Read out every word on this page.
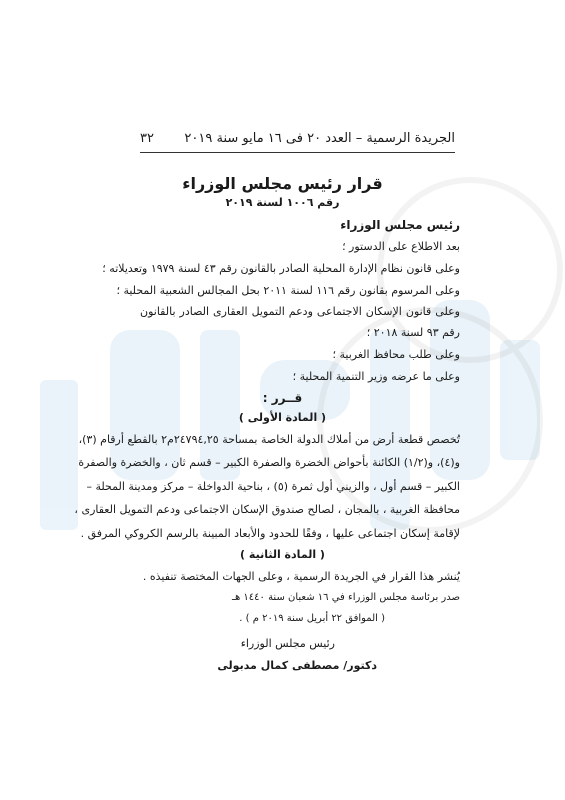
الجريدة الرسمية – العدد ٢٠ فى ١٦ مايو سنة ٢٠١٩
٣٢
قرار رئيس مجلس الوزراء
رقم ١٠٠٦ لسنة ٢٠١٩
رئيس مجلس الوزراء
بعد الاطلاع على الدستور ؛
وعلى قانون نظام الإدارة المحلية الصادر بالقانون رقم ٤٣ لسنة ١٩٧٩ وتعديلاته ؛
وعلى المرسوم بقانون رقم ١١٦ لسنة ٢٠١١ بحل المجالس الشعبية المحلية ؛
وعلى قانون الإسكان الاجتماعى ودعم التمويل العقارى الصادر بالقانون
رقم ٩٣ لسنة ٢٠١٨ ؛
وعلى طلب محافظ الغربية ؛
وعلى ما عرضه وزير التنمية المحلية ؛
قــرر :
( المادة الأولى )
تُخصص قطعة أرض من أملاك الدولة الخاصة بمساحة ٢٤٧٩٤,٢٥م٢ بالقطع أرقام (٣)،
و(٤)، و(١/٢) الكائنة بأحواض الخضرة والصفرة الكبير – قسم ثان ، والخضرة والصفرة
الكبير – قسم أول ، والزيني أول ثمرة (٥) ، بناحية الدواخلة – مركز ومدينة المحلة –
محافظة الغربية ، بالمجان ، لصالح صندوق الإسكان الاجتماعى ودعم التمويل العقارى ،
لإقامة إسكان اجتماعى عليها ، وفقًا للحدود والأبعاد المبينة بالرسم الكروكي المرفق .
( المادة الثانية )
يُنشر هذا القرار في الجريدة الرسمية ، وعلى الجهات المختصة تنفيذه .
صدر برئاسة مجلس الوزراء في ١٦ شعبان سنة ١٤٤٠ هـ
( الموافق ٢٢ أبريل سنة ٢٠١٩ م ) .
رئيس مجلس الوزراء
دكتور/ مصطفى كمال مدبولى
